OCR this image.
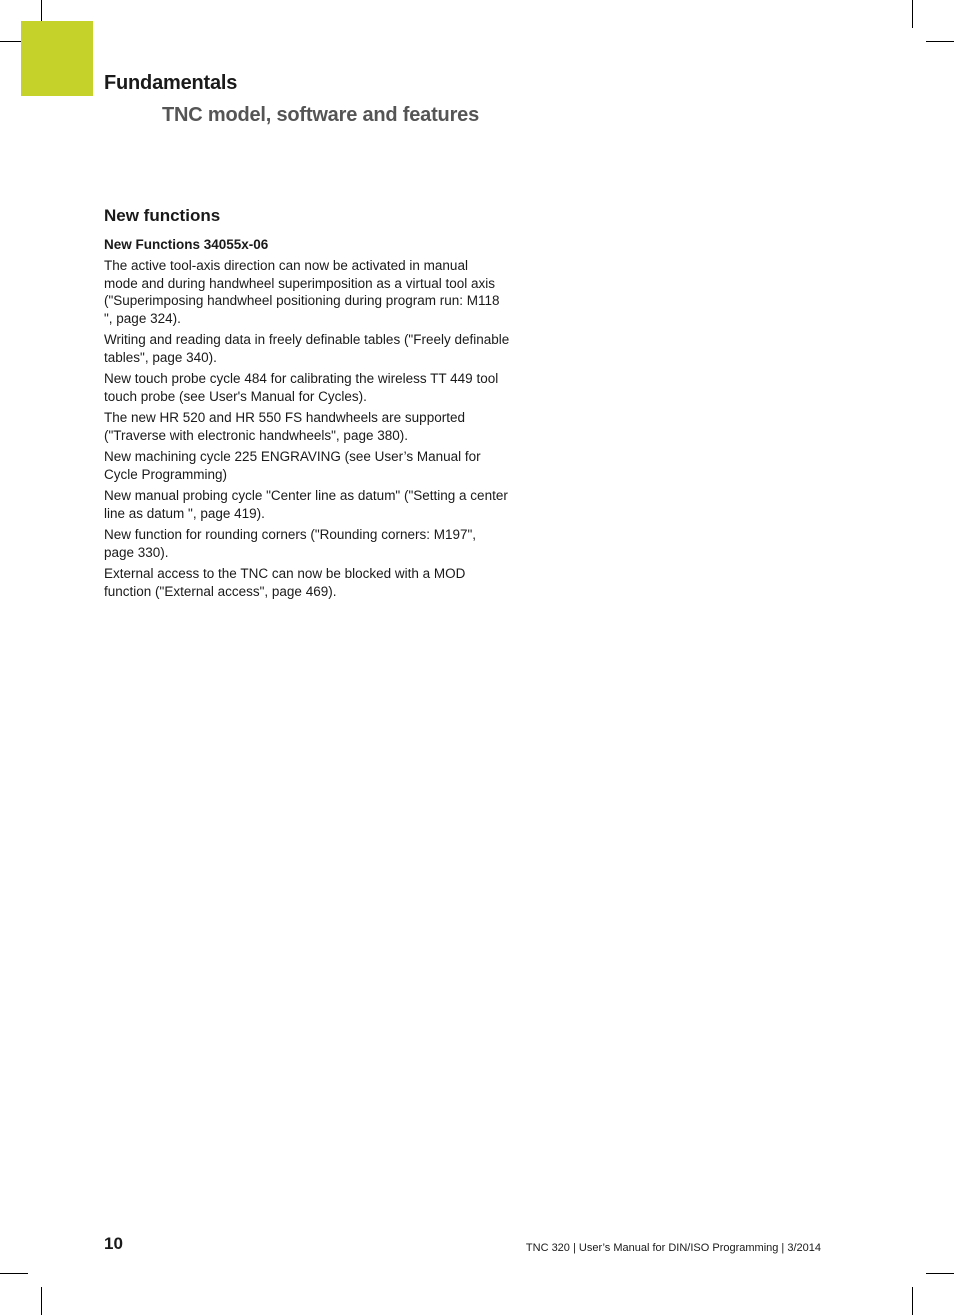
Fundamentals
TNC model, software and features
New functions
New Functions 34055x-06

The active tool-axis direction can now be activated in manual
mode and during handwheel superimposition as a virtual tool axis
("Superimposing handwheel positioning during program run: M118
", page 324).

Writing and reading data in freely definable tables ("Freely definable
tables", page 340).

New touch probe cycle 484 for calibrating the wireless TT 449 tool
touch probe (see User's Manual for Cycles).

The new HR 520 and HR 550 FS handwheels are supported
("Traverse with electronic handwheels", page 380).

New machining cycle 225 ENGRAVING (see User’s Manual for
Cycle Programming)

New manual probing cycle "Center line as datum" ("Setting a center
line as datum ", page 419).

New function for rounding corners ("Rounding corners: M197",
page 330).

External access to the TNC can now be blocked with a MOD
function ("External access", page 469).

10	TNC 320 | User’s Manual for DIN/ISO Programming | 3/2014
